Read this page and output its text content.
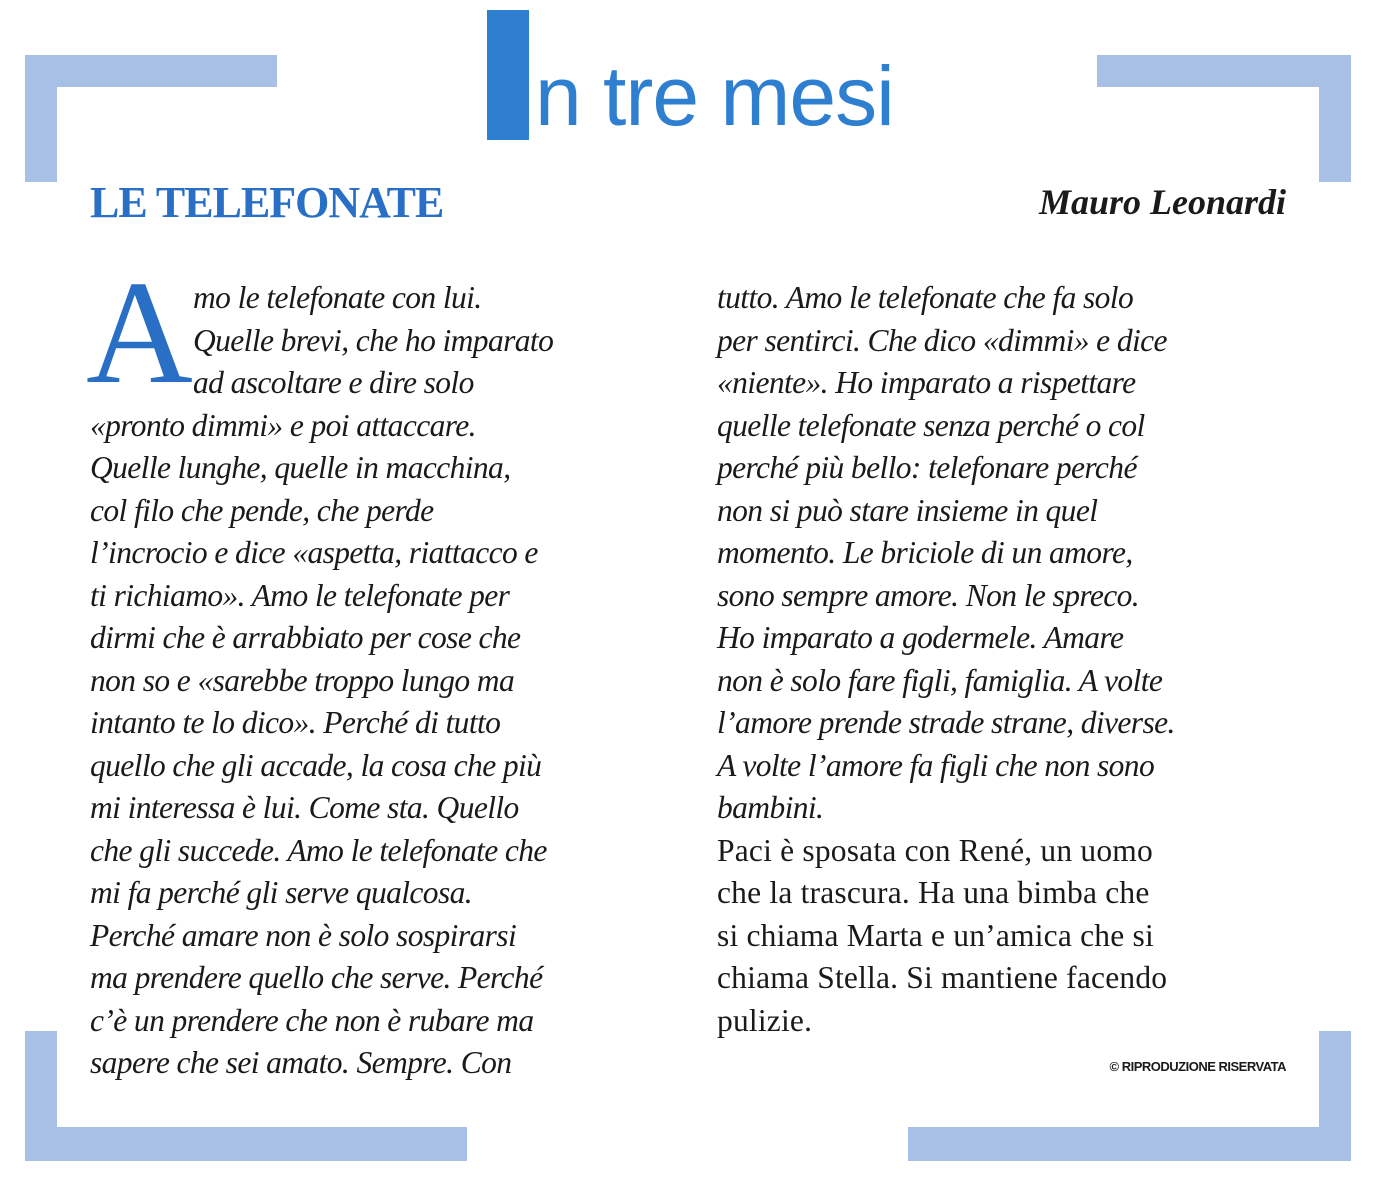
n tre mesi
LE TELEFONATE	Mauro Leonardi
A mo le telefonate con lui.
Quelle brevi, che ho imparato
ad ascoltare e dire solo
«pronto dimmi» e poi attaccare.
Quelle lunghe, quelle in macchina,
col filo che pende, che perde
l’incrocio e dice «aspetta, riattacco e
ti richiamo». Amo le telefonate per
dirmi che è arrabbiato per cose che
non so e «sarebbe troppo lungo ma
intanto te lo dico». Perché di tutto
quello che gli accade, la cosa che più
mi interessa è lui. Come sta. Quello
che gli succede. Amo le telefonate che
mi fa perché gli serve qualcosa.
Perché amare non è solo sospirarsi
ma prendere quello che serve. Perché
c’è un prendere che non è rubare ma
sapere che sei amato. Sempre. Con
tutto. Amo le telefonate che fa solo
per sentirci. Che dico «dimmi» e dice
«niente». Ho imparato a rispettare
quelle telefonate senza perché o col
perché più bello: telefonare perché
non si può stare insieme in quel
momento. Le briciole di un amore,
sono sempre amore. Non le spreco.
Ho imparato a godermele. Amare
non è solo fare figli, famiglia. A volte
l’amore prende strade strane, diverse.
A volte l’amore fa figli che non sono
bambini.
Paci è sposata con René, un uomo
che la trascura. Ha una bimba che
si chiama Marta e un’amica che si
chiama Stella. Si mantiene facendo
pulizie.
© RIPRODUZIONE RISERVATA
